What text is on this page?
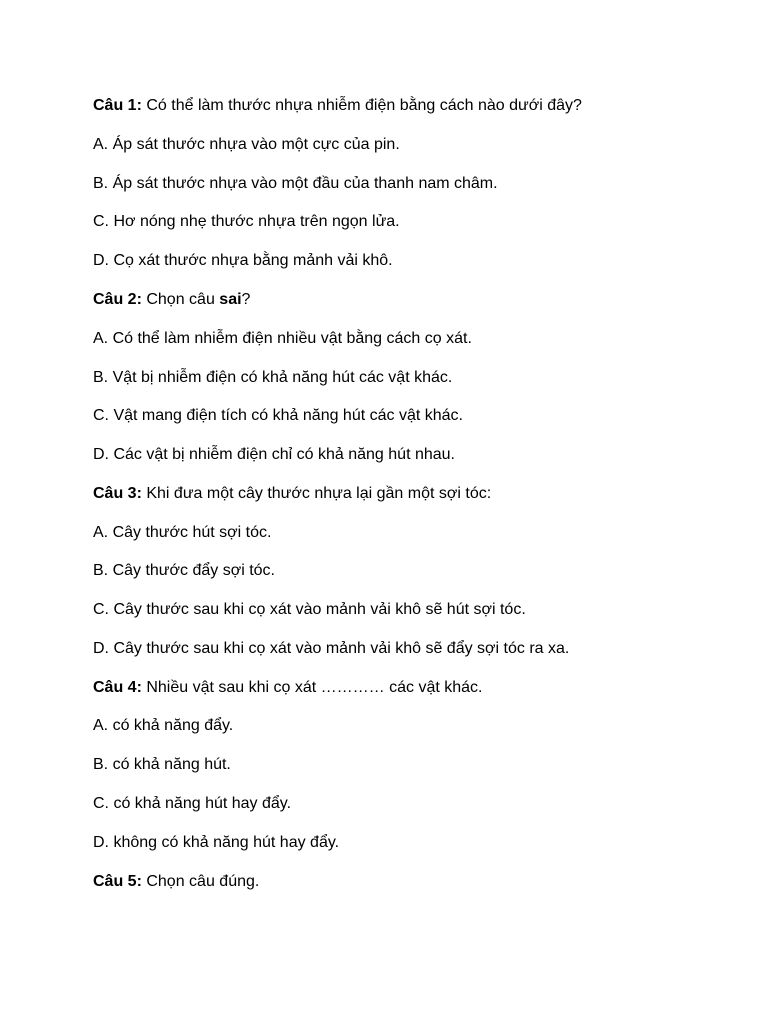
Câu 1: Có thể làm thước nhựa nhiễm điện bằng cách nào dưới đây?
A. Áp sát thước nhựa vào một cực của pin.
B. Áp sát thước nhựa vào một đầu của thanh nam châm.
C. Hơ nóng nhẹ thước nhựa trên ngọn lửa.
D. Cọ xát thước nhựa bằng mảnh vải khô.
Câu 2: Chọn câu sai?
A. Có thể làm nhiễm điện nhiều vật bằng cách cọ xát.
B. Vật bị nhiễm điện có khả năng hút các vật khác.
C. Vật mang điện tích có khả năng hút các vật khác.
D. Các vật bị nhiễm điện chỉ có khả năng hút nhau.
Câu 3: Khi đưa một cây thước nhựa lại gần một sợi tóc:
A. Cây thước hút sợi tóc.
B. Cây thước đẩy sợi tóc.
C. Cây thước sau khi cọ xát vào mảnh vải khô sẽ hút sợi tóc.
D. Cây thước sau khi cọ xát vào mảnh vải khô sẽ đẩy sợi tóc ra xa.
Câu 4: Nhiều vật sau khi cọ xát ………… các vật khác.
A. có khả năng đẩy.
B. có khả năng hút.
C. có khả năng hút hay đẩy.
D. không có khả năng hút hay đẩy.
Câu 5: Chọn câu đúng.
